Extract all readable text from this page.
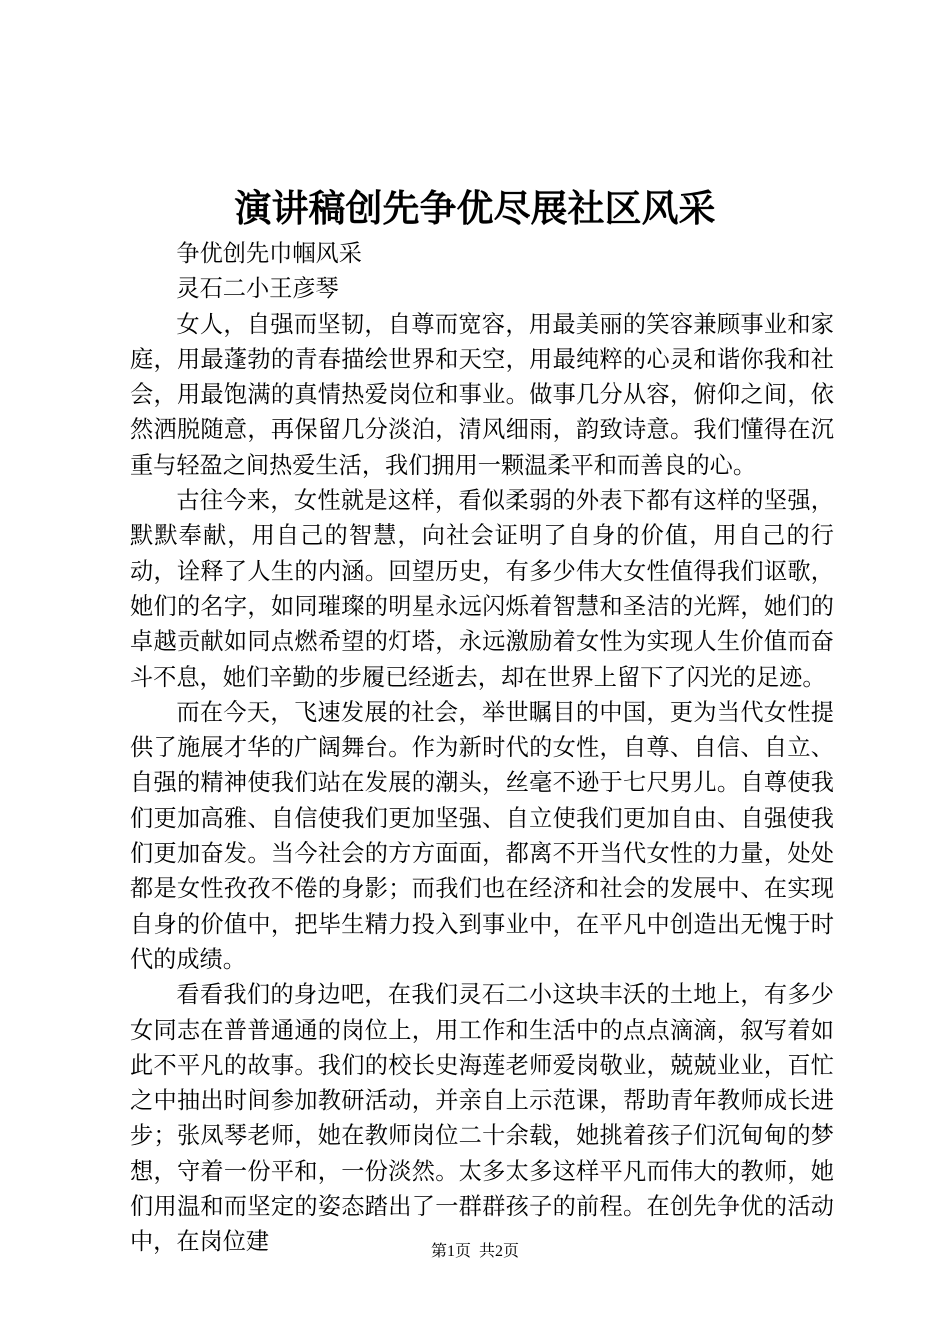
演讲稿创先争优尽展社区风采

争优创先巾帼风采

灵石二小王彦琴

女人，自强而坚韧，自尊而宽容，用最美丽的笑容兼顾事业和家庭，用最蓬勃的青春描绘世界和天空，用最纯粹的心灵和谐你我和社会，用最饱满的真情热爱岗位和事业。做事几分从容，俯仰之间，依然洒脱随意，再保留几分淡泊，清风细雨，韵致诗意。我们懂得在沉重与轻盈之间热爱生活，我们拥用一颗温柔平和而善良的心。

古往今来，女性就是这样，看似柔弱的外表下都有这样的坚强，默默奉献，用自己的智慧，向社会证明了自身的价值，用自己的行动，诠释了人生的内涵。回望历史，有多少伟大女性值得我们讴歌，她们的名字，如同璀璨的明星永远闪烁着智慧和圣洁的光辉，她们的卓越贡献如同点燃希望的灯塔，永远激励着女性为实现人生价值而奋斗不息，她们辛勤的步履已经逝去，却在世界上留下了闪光的足迹。

而在今天，飞速发展的社会，举世瞩目的中国，更为当代女性提供了施展才华的广阔舞台。作为新时代的女性，自尊、自信、自立、自强的精神使我们站在发展的潮头，丝毫不逊于七尺男儿。自尊使我们更加高雅、自信使我们更加坚强、自立使我们更加自由、自强使我们更加奋发。当今社会的方方面面，都离不开当代女性的力量，处处都是女性孜孜不倦的身影；而我们也在经济和社会的发展中、在实现自身的价值中，把毕生精力投入到事业中，在平凡中创造出无愧于时代的成绩。

看看我们的身边吧，在我们灵石二小这块丰沃的土地上，有多少女同志在普普通通的岗位上，用工作和生活中的点点滴滴，叙写着如此不平凡的故事。我们的校长史海莲老师爱岗敬业，兢兢业业，百忙之中抽出时间参加教研活动，并亲自上示范课，帮助青年教师成长进步；张凤琴老师，她在教师岗位二十余载，她挑着孩子们沉甸甸的梦想，守着一份平和，一份淡然。太多太多这样平凡而伟大的教师，她们用温和而坚定的姿态踏出了一群群孩子的前程。在创先争优的活动中，在岗位建	第1页 共2页
